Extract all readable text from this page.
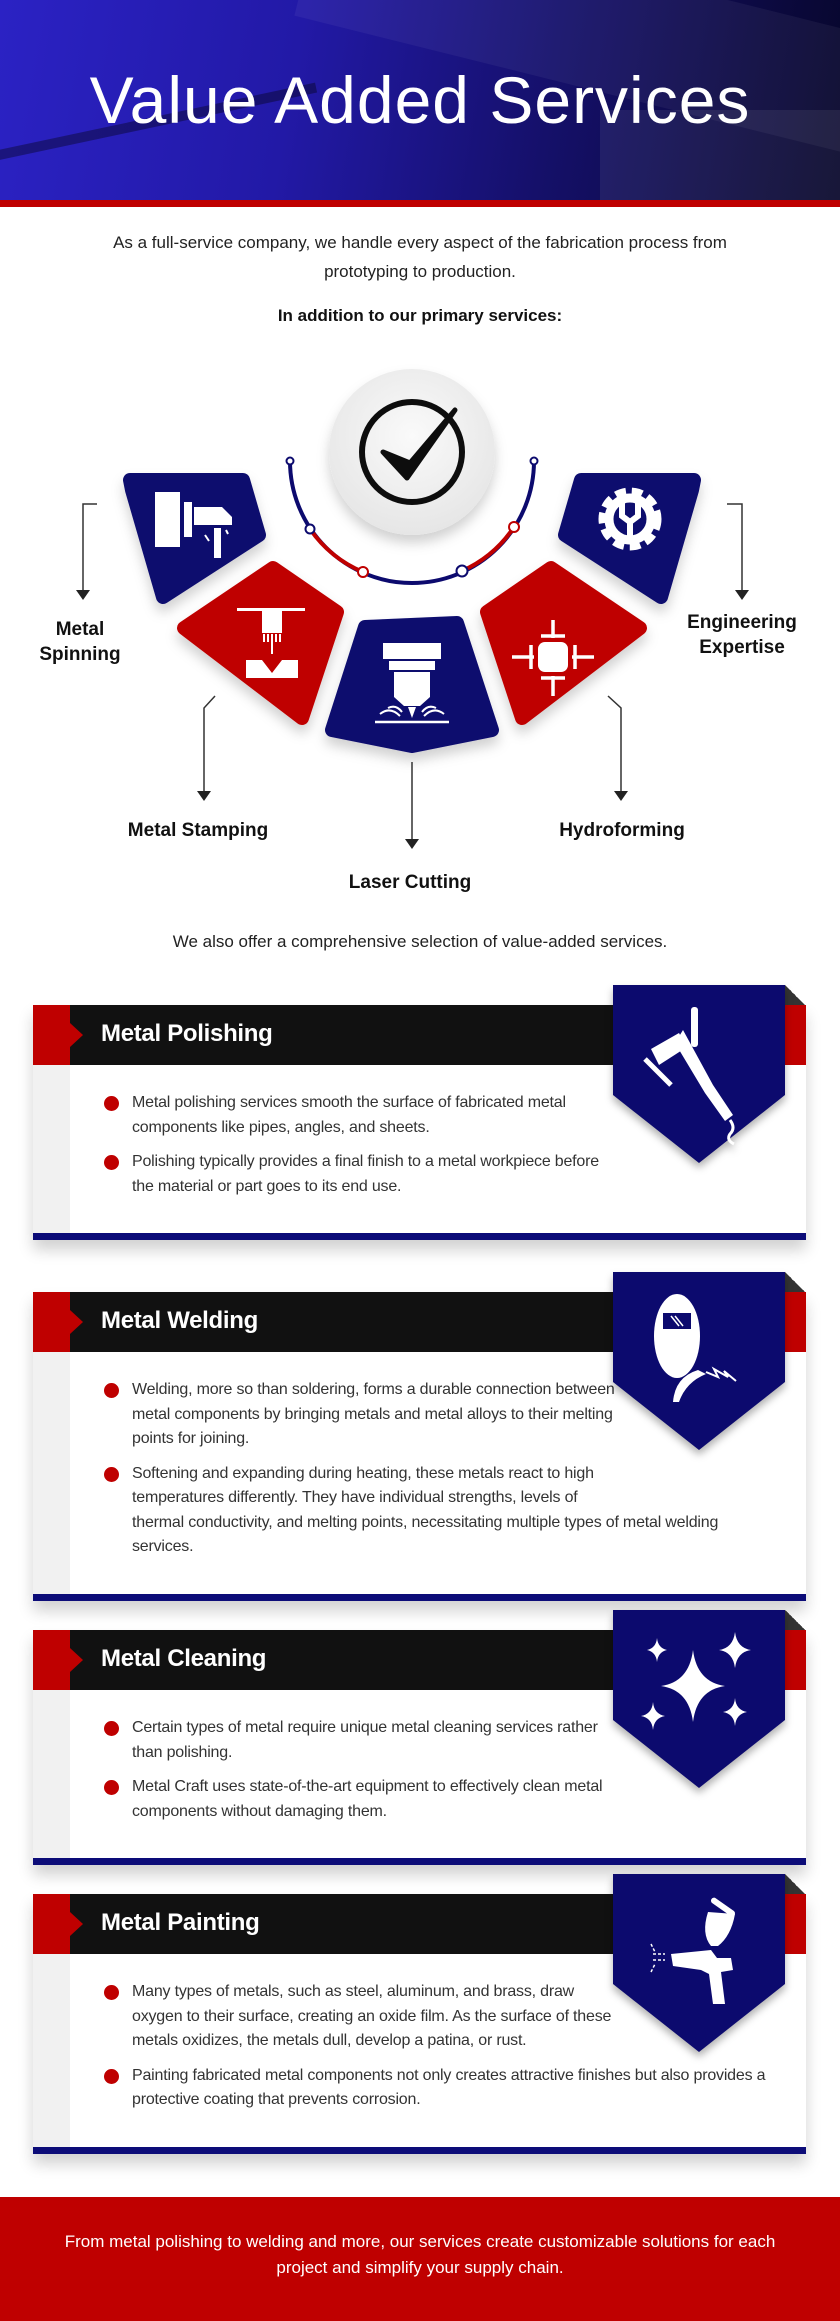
Value Added Services

As a full-service company, we handle every aspect of the fabrication process from prototyping to production.

In addition to our primary services:

Metal
Spinning
Metal Stamping
Laser Cutting
Hydroforming
Engineering
Expertise

We also offer a comprehensive selection of value-added services.

Metal Polishing
Metal polishing services smooth the surface of fabricated metal components like pipes, angles, and sheets.
Polishing typically provides a final finish to a metal workpiece before the material or part goes to its end use.
Metal Welding
Welding, more so than soldering, forms a durable connection between metal components by bringing metals and metal alloys to their melting points for joining.
Softening and expanding during heating, these metals react to high temperatures differently. They have individual strengths, levels of thermal conductivity, and melting points, necessitating multiple types of metal welding services.
Metal Cleaning
Certain types of metal require unique metal cleaning services rather than polishing.
Metal Craft uses state-of-the-art equipment to effectively clean metal components without damaging them.
Metal Painting
Many types of metals, such as steel, aluminum, and brass, draw oxygen to their surface, creating an oxide film. As the surface of these metals oxidizes, the metals dull, develop a patina, or rust.
Painting fabricated metal components not only creates attractive finishes but also provides a protective coating that prevents corrosion.

From metal polishing to welding and more, our services create customizable solutions for each project and simplify your supply chain.
